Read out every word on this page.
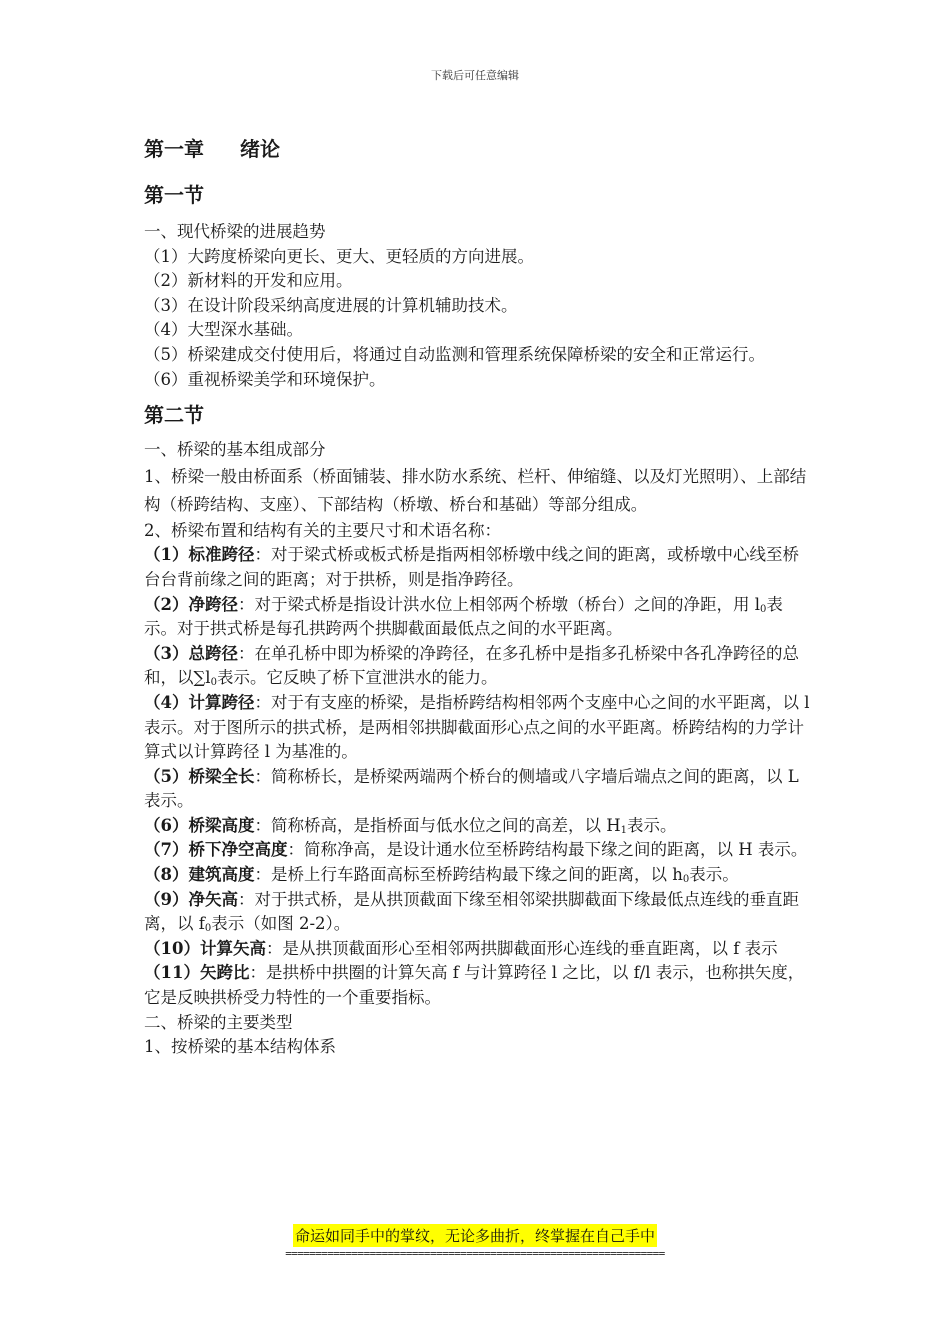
下载后可任意编辑
第一章 绪论
第一节

一、现代桥梁的进展趋势

（1）大跨度桥梁向更长、更大、更轻质的方向进展。

（2）新材料的开发和应用。

（3）在设计阶段采纳高度进展的计算机辅助技术。

（4）大型深水基础。

（5）桥梁建成交付使用后，将通过自动监测和管理系统保障桥梁的安全和正常运行。

（6）重视桥梁美学和环境保护。

第二节

一、桥梁的基本组成部分

1、桥梁一般由桥面系（桥面铺装、排水防水系统、栏杆、伸缩缝、以及灯光照明）、上部结构（桥跨结构、支座）、下部结构（桥墩、桥台和基础）等部分组成。

2、桥梁布置和结构有关的主要尺寸和术语名称：

（1）标准跨径：对于梁式桥或板式桥是指两相邻桥墩中线之间的距离，或桥墩中心线至桥台台背前缘之间的距离；对于拱桥，则是指净跨径。

（2）净跨径：对于梁式桥是指设计洪水位上相邻两个桥墩（桥台）之间的净距，用 $l_0$表示。对于拱式桥是每孔拱跨两个拱脚截面最低点之间的水平距离。

（3）总跨径：在单孔桥中即为桥梁的净跨径，在多孔桥中是指多孔桥梁中各孔净跨径的总和，以$\sum l_0$表示。它反映了桥下宣泄洪水的能力。

（4）计算跨径：对于有支座的桥梁，是指桥跨结构相邻两个支座中心之间的水平距离，以 l 表示。对于图所示的拱式桥，是两相邻拱脚截面形心点之间的水平距离。桥跨结构的力学计算式以计算跨径 l 为基准的。

（5）桥梁全长：简称桥长，是桥梁两端两个桥台的侧墙或八字墙后端点之间的距离，以 L 表示。

（6）桥梁高度：简称桥高，是指桥面与低水位之间的高差，以 $H_1$表示。

（7）桥下净空高度：简称净高，是设计通水位至桥跨结构最下缘之间的距离，以 H 表示。

（8）建筑高度：是桥上行车路面高标至桥跨结构最下缘之间的距离，以 $h_0$表示。

（9）净矢高：对于拱式桥，是从拱顶截面下缘至相邻梁拱脚截面下缘最低点连线的垂直距离，以 $f_0$表示（如图 2-2）。

（10）计算矢高：是从拱顶截面形心至相邻两拱脚截面形心连线的垂直距离，以 f 表示

（11）矢跨比：是拱桥中拱圈的计算矢高 f 与计算跨径 l 之比，以 f/l 表示，也称拱矢度，它是反映拱桥受力特性的一个重要指标。

二、桥梁的主要类型

1、按桥梁的基本结构体系

命运如同手中的掌纹，无论多曲折，终掌握在自己手中
===============================================================
